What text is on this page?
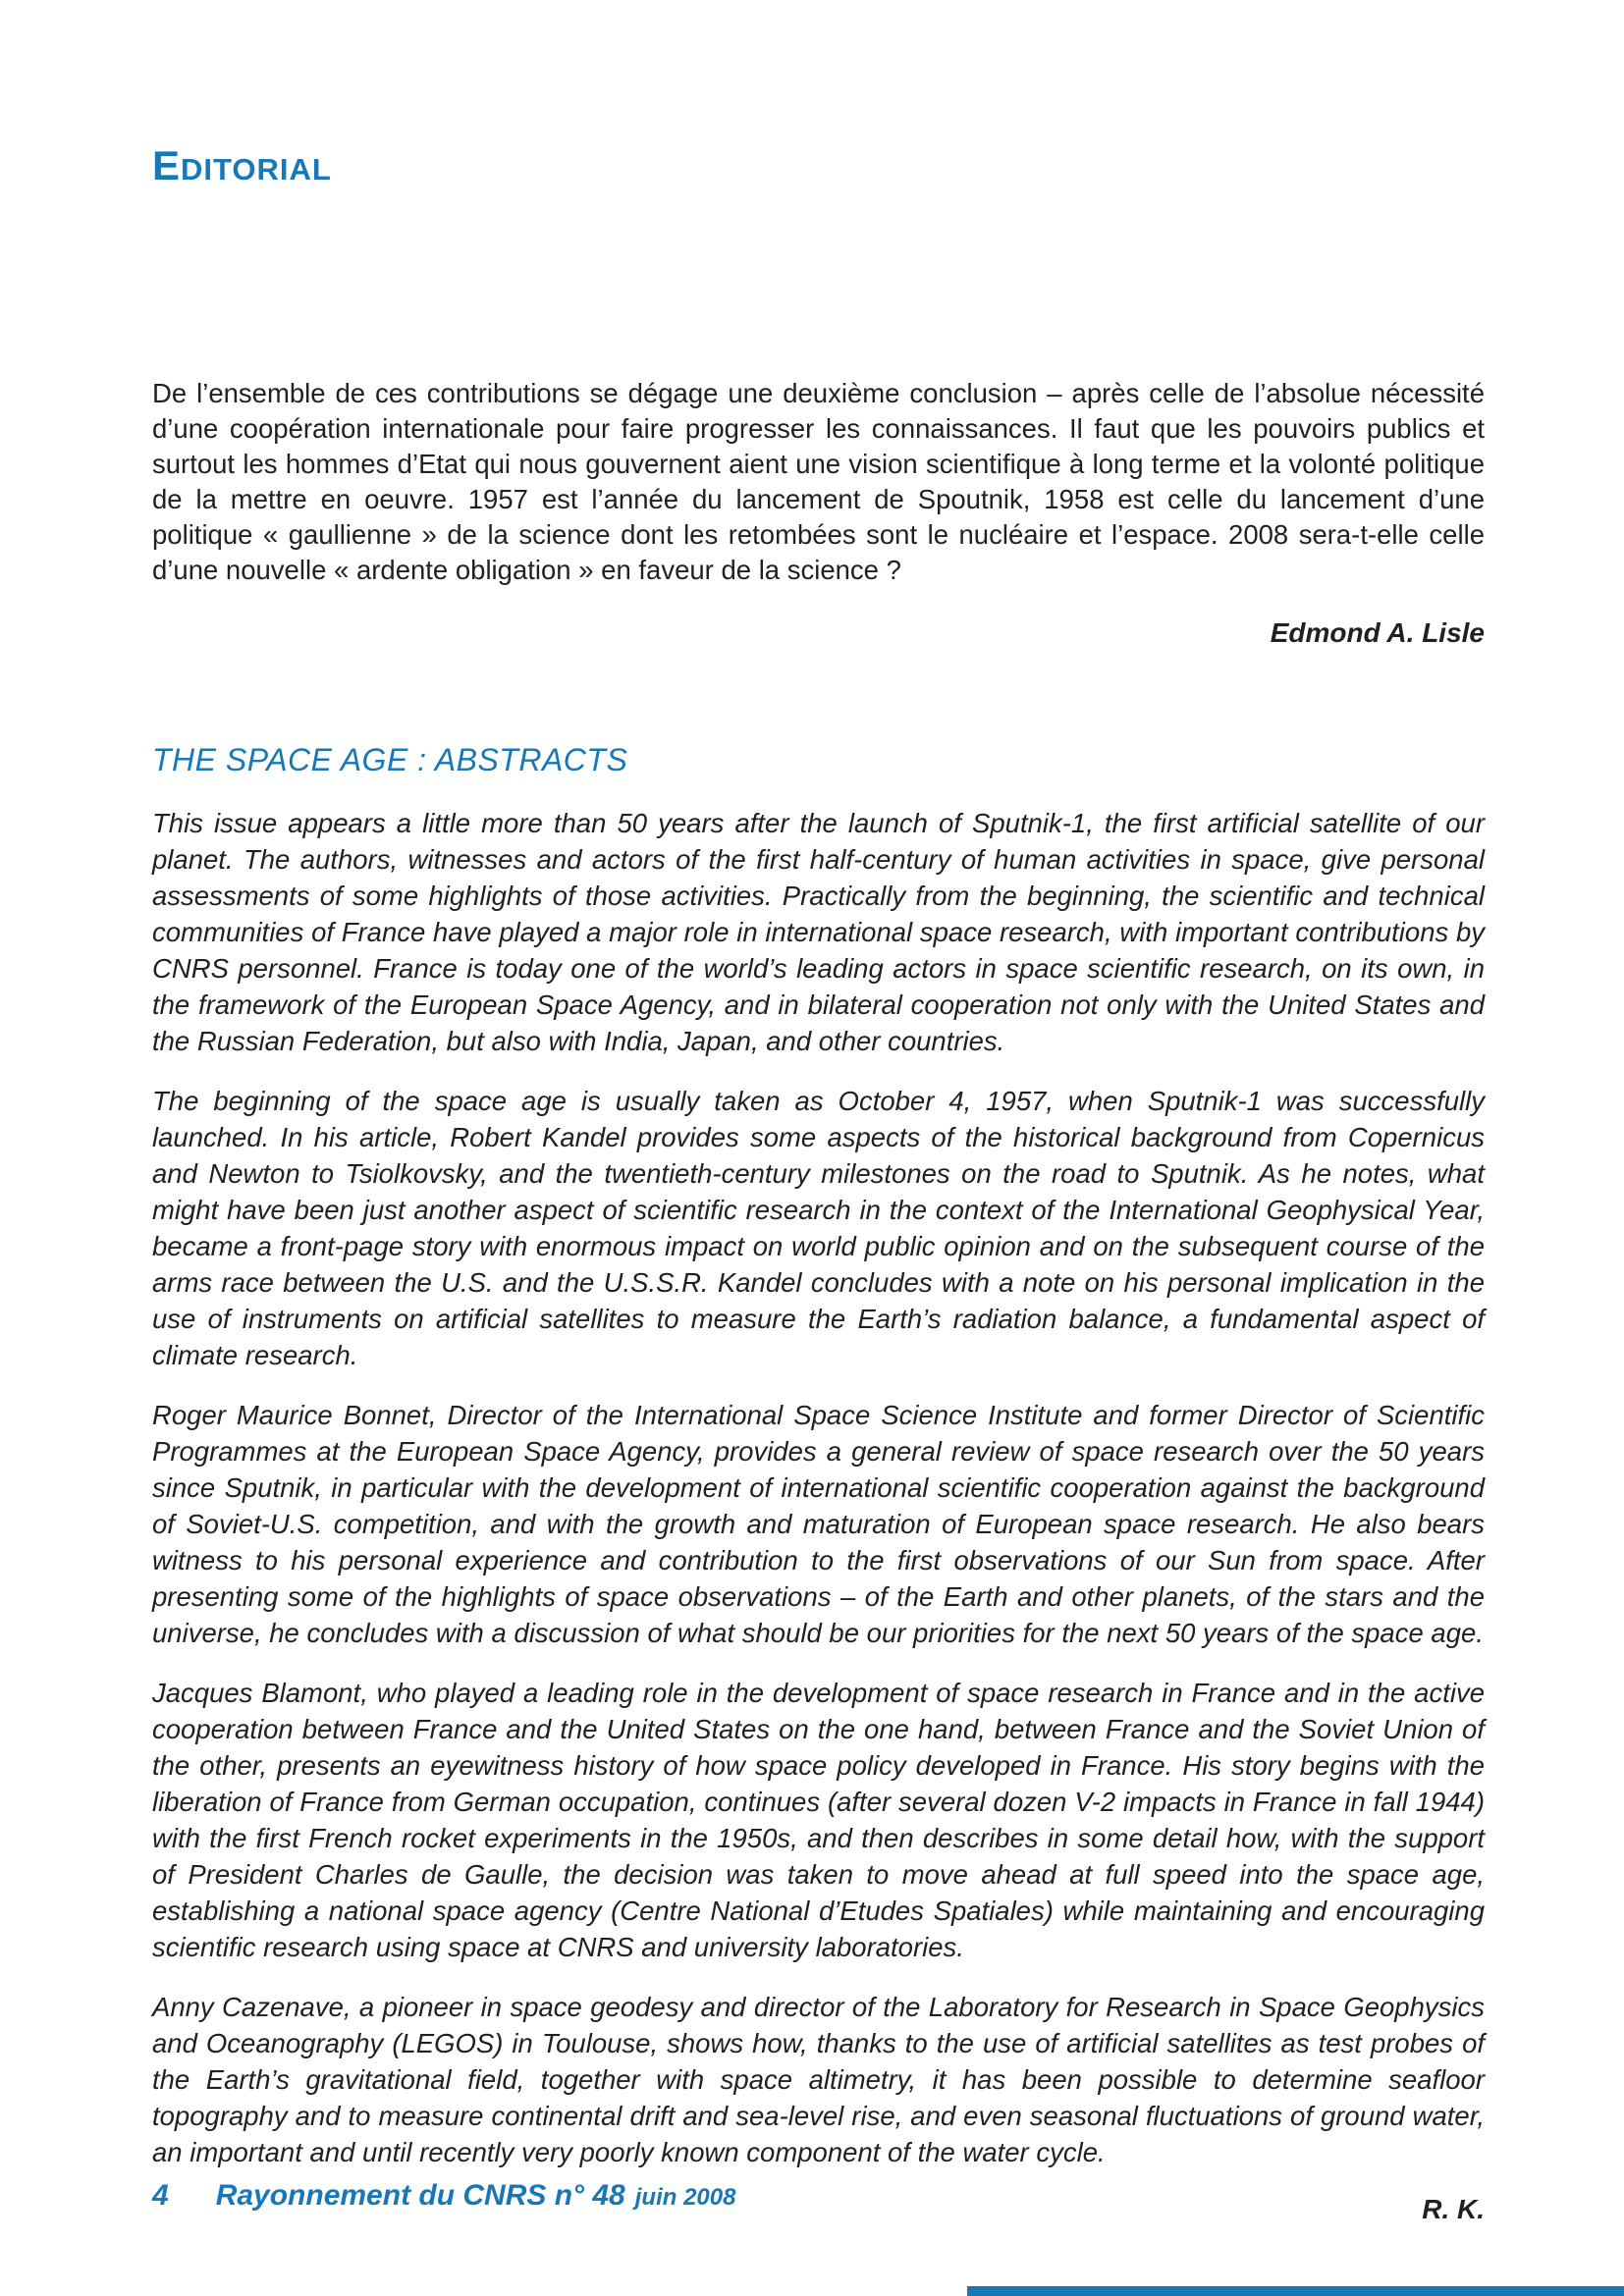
EDITORIAL

De l’ensemble de ces contributions se dégage une deuxième conclusion – après celle de l’absolue nécessité d’une coopération internationale pour faire progresser les connaissances. Il faut que les pouvoirs publics et surtout les hommes d’Etat qui nous gouvernent aient une vision scientifique à long terme et la volonté politique de la mettre en oeuvre. 1957 est l’année du lancement de Spoutnik, 1958 est celle du lancement d’une politique « gaullienne » de la science dont les retombées sont le nucléaire et l’espace. 2008 sera-t-elle celle d’une nouvelle « ardente obligation » en faveur de la science ?

Edmond A. Lisle

THE SPACE AGE : ABSTRACTS

This issue appears a little more than 50 years after the launch of Sputnik-1, the first artificial satellite of our planet. The authors, witnesses and actors of the first half-century of human activities in space, give personal assessments of some highlights of those activities. Practically from the beginning, the scientific and technical communities of France have played a major role in international space research, with important contributions by CNRS personnel. France is today one of the world’s leading actors in space scientific research, on its own, in the framework of the European Space Agency, and in bilateral cooperation not only with the United States and the Russian Federation, but also with India, Japan, and other countries.

The beginning of the space age is usually taken as October 4, 1957, when Sputnik-1 was successfully launched. In his article, Robert Kandel provides some aspects of the historical background from Copernicus and Newton to Tsiolkovsky, and the twentieth-century milestones on the road to Sputnik. As he notes, what might have been just another aspect of scientific research in the context of the International Geophysical Year, became a front-page story with enormous impact on world public opinion and on the subsequent course of the arms race between the U.S. and the U.S.S.R. Kandel concludes with a note on his personal implication in the use of instruments on artificial satellites to measure the Earth’s radiation balance, a fundamental aspect of climate research.

Roger Maurice Bonnet, Director of the International Space Science Institute and former Director of Scientific Programmes at the European Space Agency, provides a general review of space research over the 50 years since Sputnik, in particular with the development of international scientific cooperation against the background of Soviet-U.S. competition, and with the growth and maturation of European space research. He also bears witness to his personal experience and contribution to the first observations of our Sun from space. After presenting some of the highlights of space observations – of the Earth and other planets, of the stars and the universe, he concludes with a discussion of what should be our priorities for the next 50 years of the space age.

Jacques Blamont, who played a leading role in the development of space research in France and in the active cooperation between France and the United States on the one hand, between France and the Soviet Union of the other, presents an eyewitness history of how space policy developed in France. His story begins with the liberation of France from German occupation, continues (after several dozen V-2 impacts in France in fall 1944) with the first French rocket experiments in the 1950s, and then describes in some detail how, with the support of President Charles de Gaulle, the decision was taken to move ahead at full speed into the space age, establishing a national space agency (Centre National d’Etudes Spatiales) while maintaining and encouraging scientific research using space at CNRS and university laboratories.

Anny Cazenave, a pioneer in space geodesy and director of the Laboratory for Research in Space Geophysics and Oceanography (LEGOS) in Toulouse, shows how, thanks to the use of artificial satellites as test probes of the Earth’s gravitational field, together with space altimetry, it has been possible to determine seafloor topography and to measure continental drift and sea-level rise, and even seasonal fluctuations of ground water, an important and until recently very poorly known component of the water cycle.

R. K.

4 Rayonnement du CNRS n° 48 juin 2008
